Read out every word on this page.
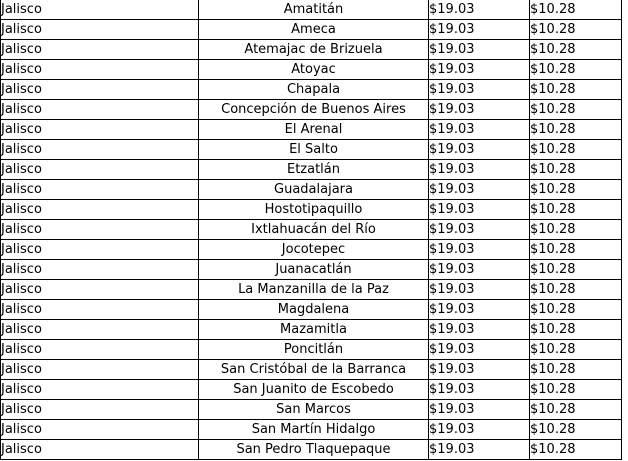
Jalisco	Amatitán	$19.03	$10.28
Jalisco	Ameca	$19.03	$10.28
Jalisco	Atemajac de Brizuela	$19.03	$10.28
Jalisco	Atoyac	$19.03	$10.28
Jalisco	Chapala	$19.03	$10.28
Jalisco	Concepción de Buenos Aires	$19.03	$10.28
Jalisco	El Arenal	$19.03	$10.28
Jalisco	El Salto	$19.03	$10.28
Jalisco	Etzatlán	$19.03	$10.28
Jalisco	Guadalajara	$19.03	$10.28
Jalisco	Hostotipaquillo	$19.03	$10.28
Jalisco	Ixtlahuacán del Río	$19.03	$10.28
Jalisco	Jocotepec	$19.03	$10.28
Jalisco	Juanacatlán	$19.03	$10.28
Jalisco	La Manzanilla de la Paz	$19.03	$10.28
Jalisco	Magdalena	$19.03	$10.28
Jalisco	Mazamitla	$19.03	$10.28
Jalisco	Poncitlán	$19.03	$10.28
Jalisco	San Cristóbal de la Barranca	$19.03	$10.28
Jalisco	San Juanito de Escobedo	$19.03	$10.28
Jalisco	San Marcos	$19.03	$10.28
Jalisco	San Martín Hidalgo	$19.03	$10.28
Jalisco	San Pedro Tlaquepaque	$19.03	$10.28
